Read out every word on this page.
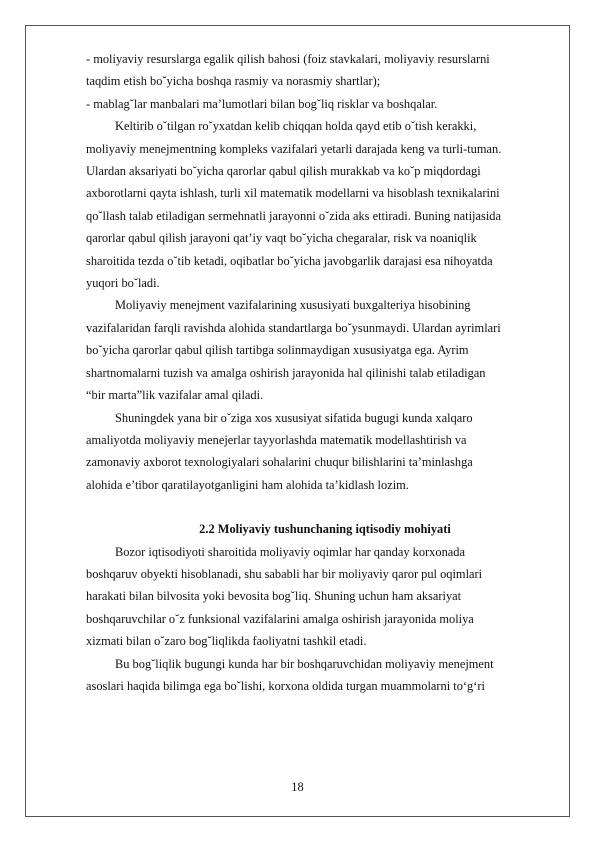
- moliyaviy resurslarga egalik qilish bahosi (foiz stavkalari, moliyaviy resurslarni
taqdim etish bo˘yicha boshqa rasmiy va norasmiy shartlar);
- mablag˘lar manbalari ma’lumotlari bilan bog˘liq risklar va boshqalar.
Keltirib o˘tilgan ro˘yxatdan kelib chiqqan holda qayd etib o˘tish kerakki,
moliyaviy menejmentning kompleks vazifalari yetarli darajada keng va turli-tuman.
Ulardan aksariyati bo˘yicha qarorlar qabul qilish murakkab va ko˘p miqdordagi
axborotlarni qayta ishlash, turli xil matematik modellarni va hisoblash texnikalarini
qo˘llash talab etiladigan sermehnatli jarayonni o˘zida aks ettiradi. Buning natijasida
qarorlar qabul qilish jarayoni qat’iy vaqt bo˘yicha chegaralar, risk va noaniqlik
sharoitida tezda o˘tib ketadi, oqibatlar bo˘yicha javobgarlik darajasi esa nihoyatda
yuqori bo˘ladi.
Moliyaviy menejment vazifalarining xususiyati buxgalteriya hisobining
vazifalaridan farqli ravishda alohida standartlarga bo˘ysunmaydi. Ulardan ayrimlari
bo˘yicha qarorlar qabul qilish tartibga solinmaydigan xususiyatga ega. Ayrim
shartnomalarni tuzish va amalga oshirish jarayonida hal qilinishi talab etiladigan
“bir marta”lik vazifalar amal qiladi.
Shuningdek yana bir o˘ziga xos xususiyat sifatida bugugi kunda xalqaro
amaliyotda moliyaviy menejerlar tayyorlashda matematik modellashtirish va
zamonaviy axborot texnologiyalari sohalarini chuqur bilishlarini ta’minlashga
alohida e’tibor qaratilayotganligini ham alohida ta’kidlash lozim.
2.2 Moliyaviy tushunchaning iqtisodiy mohiyati
Bozor iqtisodiyoti sharoitida moliyaviy oqimlar har qanday korxonada
boshqaruv obyekti hisoblanadi, shu sababli har bir moliyaviy qaror pul oqimlari
harakati bilan bilvosita yoki bevosita bog˘liq. Shuning uchun ham aksariyat
boshqaruvchilar o˘z funksional vazifalarini amalga oshirish jarayonida moliya
xizmati bilan o˘zaro bog˘liqlikda faoliyatni tashkil etadi.
Bu bog˘liqlik bugungi kunda har bir boshqaruvchidan moliyaviy menejment
asoslari haqida bilimga ega bo˘lishi, korxona oldida turgan muammolarni to‘g‘ri
18
